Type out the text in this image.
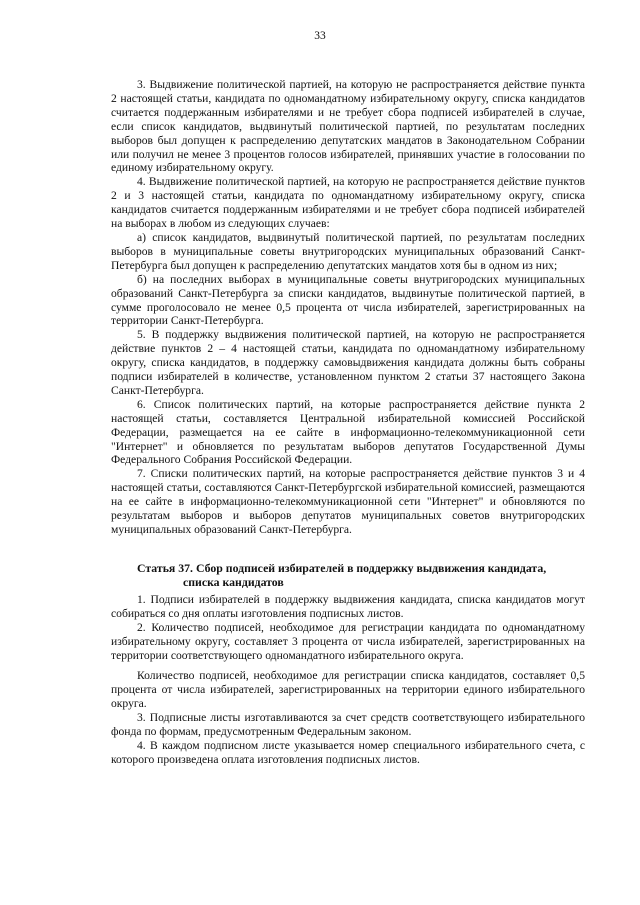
33

3. Выдвижение политической партией, на которую не распространяется действие пункта 2 настоящей статьи, кандидата по одномандатному избирательному округу, списка кандидатов считается поддержанным избирателями и не требует сбора подписей избирателей в случае, если список кандидатов, выдвинутый политической партией, по результатам последних выборов был допущен к распределению депутатских мандатов в Законодательном Собрании или получил не менее 3 процентов голосов избирателей, принявших участие в голосовании по единому избирательному округу.

4. Выдвижение политической партией, на которую не распространяется действие пунктов 2 и 3 настоящей статьи, кандидата по одномандатному избирательному округу, списка кандидатов считается поддержанным избирателями и не требует сбора подписей избирателей на выборах в любом из следующих случаев:

а) список кандидатов, выдвинутый политической партией, по результатам последних выборов в муниципальные советы внутригородских муниципальных образований Санкт-Петербурга был допущен к распределению депутатских мандатов хотя бы в одном из них;

б) на последних выборах в муниципальные советы внутригородских муниципальных образований Санкт-Петербурга за списки кандидатов, выдвинутые политической партией, в сумме проголосовало не менее 0,5 процента от числа избирателей, зарегистрированных на территории Санкт-Петербурга.

5. В поддержку выдвижения политической партией, на которую не распространяется действие пунктов 2 – 4 настоящей статьи, кандидата по одномандатному избирательному округу, списка кандидатов, в поддержку самовыдвижения кандидата должны быть собраны подписи избирателей в количестве, установленном пунктом 2 статьи 37 настоящего Закона Санкт-Петербурга.

6. Список политических партий, на которые распространяется действие пункта 2 настоящей статьи, составляется Центральной избирательной комиссией Российской Федерации, размещается на ее сайте в информационно-телекоммуникационной сети "Интернет" и обновляется по результатам выборов депутатов Государственной Думы Федерального Собрания Российской Федерации.

7. Списки политических партий, на которые распространяется действие пунктов 3 и 4 настоящей статьи, составляются Санкт-Петербургской избирательной комиссией, размещаются на ее сайте в информационно-телекоммуникационной сети "Интернет" и обновляются по результатам выборов и выборов депутатов муниципальных советов внутригородских муниципальных образований Санкт-Петербурга.

Статья 37. Сбор подписей избирателей в поддержку выдвижения кандидата,
списка кандидатов

1. Подписи избирателей в поддержку выдвижения кандидата, списка кандидатов могут собираться со дня оплаты изготовления подписных листов.

2. Количество подписей, необходимое для регистрации кандидата по одномандатному избирательному округу, составляет 3 процента от числа избирателей, зарегистрированных на территории соответствующего одномандатного избирательного округа.

Количество подписей, необходимое для регистрации списка кандидатов, составляет 0,5 процента от числа избирателей, зарегистрированных на территории единого избирательного округа.

3. Подписные листы изготавливаются за счет средств соответствующего избирательного фонда по формам, предусмотренным Федеральным законом.

4. В каждом подписном листе указывается номер специального избирательного счета, с которого произведена оплата изготовления подписных листов.
